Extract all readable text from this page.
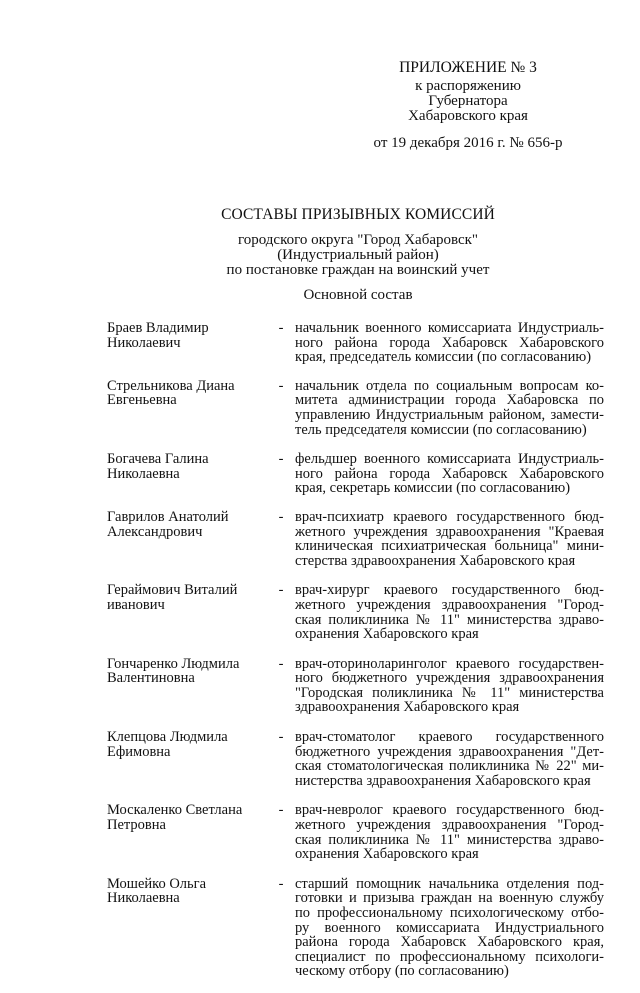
ПРИЛОЖЕНИЕ № 3
к распоряжению
Губернатора
Хабаровского края
от 19 декабря 2016 г. № 656-р
СОСТАВЫ ПРИЗЫВНЫХ КОМИССИЙ
городского округа "Город Хабаровск"
(Индустриальный район)
по постановке граждан на воинский учет
Основной состав
Браев Владимир
Николаевич
- начальник военного комиссариата Индустриаль-
ного района города Хабаровск Хабаровского
края, председатель комиссии (по согласованию)
Стрельникова Диана
Евгеньевна
- начальник отдела по социальным вопросам ко-
митета администрации города Хабаровска по
управлению Индустриальным районом, замести-
тель председателя комиссии (по согласованию)
Богачева Галина
Николаевна
- фельдшер военного комиссариата Индустриаль-
ного района города Хабаровск Хабаровского
края, секретарь комиссии (по согласованию)
Гаврилов Анатолий
Александрович
- врач-психиатр краевого государственного бюд-
жетного учреждения здравоохранения "Краевая
клиническая психиатрическая больница" мини-
стерства здравоохранения Хабаровского края
Гераймович Виталий
иванович
- врач-хирург краевого государственного бюд-
жетного учреждения здравоохранения "Город-
ская поликлиника № 11" министерства здраво-
охранения Хабаровского края
Гончаренко Людмила
Валентиновна
- врач-оториноларинголог краевого государствен-
ного бюджетного учреждения здравоохранения
"Городская поликлиника № 11" министерства
здравоохранения Хабаровского края
Клепцова Людмила
Ефимовна
- врач-стоматолог краевого государственного
бюджетного учреждения здравоохранения "Дет-
ская стоматологическая поликлиника № 22" ми-
нистерства здравоохранения Хабаровского края
Москаленко Светлана
Петровна
- врач-невролог краевого государственного бюд-
жетного учреждения здравоохранения "Город-
ская поликлиника № 11" министерства здраво-
охранения Хабаровского края
Мошейко Ольга
Николаевна
- старший помощник начальника отделения под-
готовки и призыва граждан на военную службу
по профессиональному психологическому отбо-
ру военного комиссариата Индустриального
района города Хабаровск Хабаровского края,
специалист по профессиональному психологи-
ческому отбору (по согласованию)
